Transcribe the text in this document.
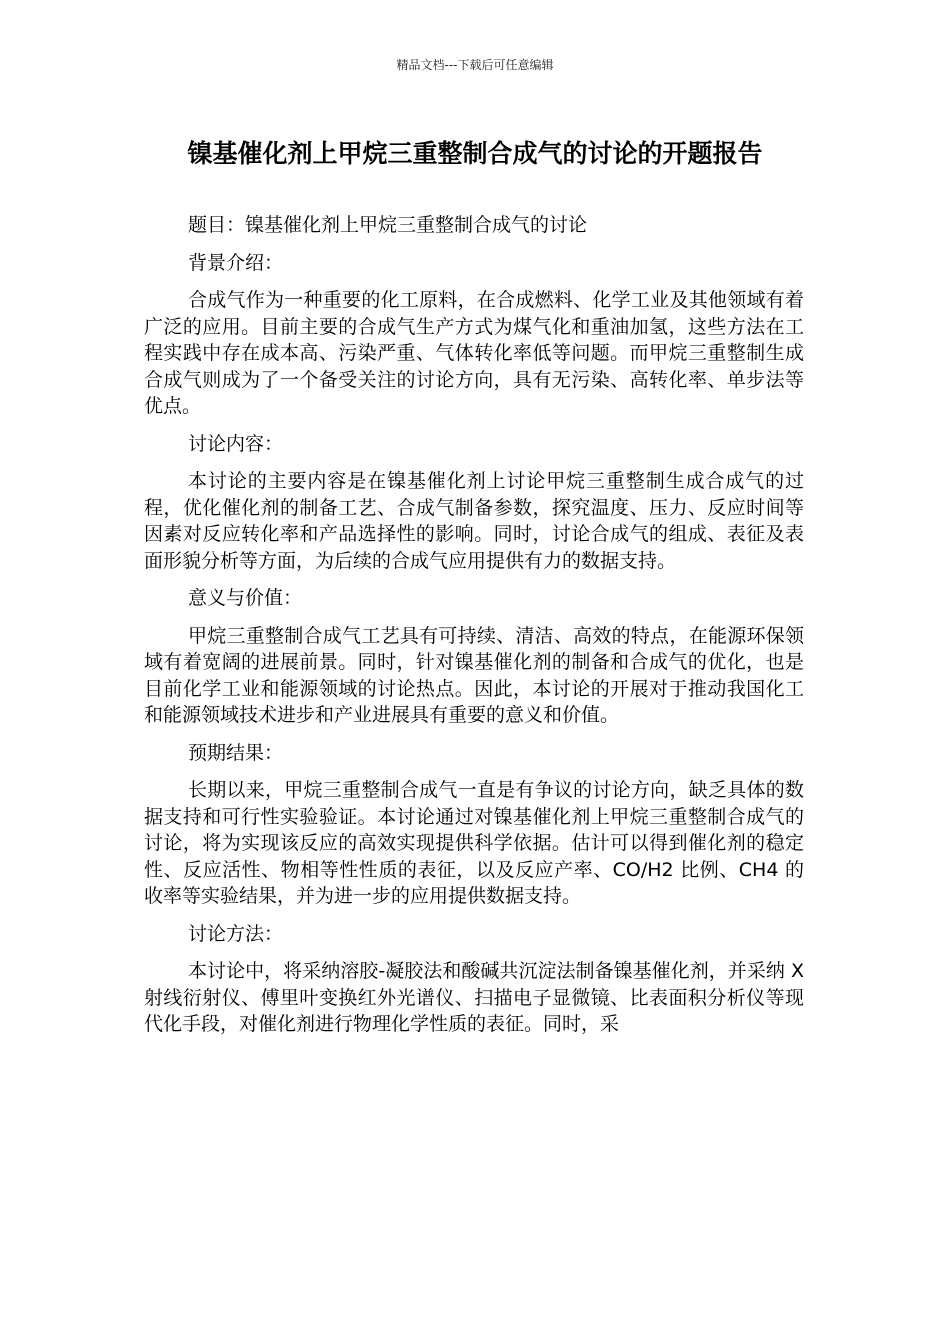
精品文档---下载后可任意编辑
镍基催化剂上甲烷三重整制合成气的讨论的开题报告

题目：镍基催化剂上甲烷三重整制合成气的讨论

背景介绍：

合成气作为一种重要的化工原料，在合成燃料、化学工业及其他领域有着广泛的应用。目前主要的合成气生产方式为煤气化和重油加氢，这些方法在工程实践中存在成本高、污染严重、气体转化率低等问题。而甲烷三重整制生成合成气则成为了一个备受关注的讨论方向，具有无污染、高转化率、单步法等优点。

讨论内容：

本讨论的主要内容是在镍基催化剂上讨论甲烷三重整制生成合成气的过程，优化催化剂的制备工艺、合成气制备参数，探究温度、压力、反应时间等因素对反应转化率和产品选择性的影响。同时，讨论合成气的组成、表征及表面形貌分析等方面，为后续的合成气应用提供有力的数据支持。

意义与价值：

甲烷三重整制合成气工艺具有可持续、清洁、高效的特点，在能源环保领域有着宽阔的进展前景。同时，针对镍基催化剂的制备和合成气的优化，也是目前化学工业和能源领域的讨论热点。因此，本讨论的开展对于推动我国化工和能源领域技术进步和产业进展具有重要的意义和价值。

预期结果：

长期以来，甲烷三重整制合成气一直是有争议的讨论方向，缺乏具体的数据支持和可行性实验验证。本讨论通过对镍基催化剂上甲烷三重整制合成气的讨论，将为实现该反应的高效实现提供科学依据。估计可以得到催化剂的稳定性、反应活性、物相等性性质的表征，以及反应产率、CO/H2 比例、CH4 的收率等实验结果，并为进一步的应用提供数据支持。

讨论方法：

本讨论中，将采纳溶胶-凝胶法和酸碱共沉淀法制备镍基催化剂，并采纳 X 射线衍射仪、傅里叶变换红外光谱仪、扫描电子显微镜、比表面积分析仪等现代化手段，对催化剂进行物理化学性质的表征。同时，采
